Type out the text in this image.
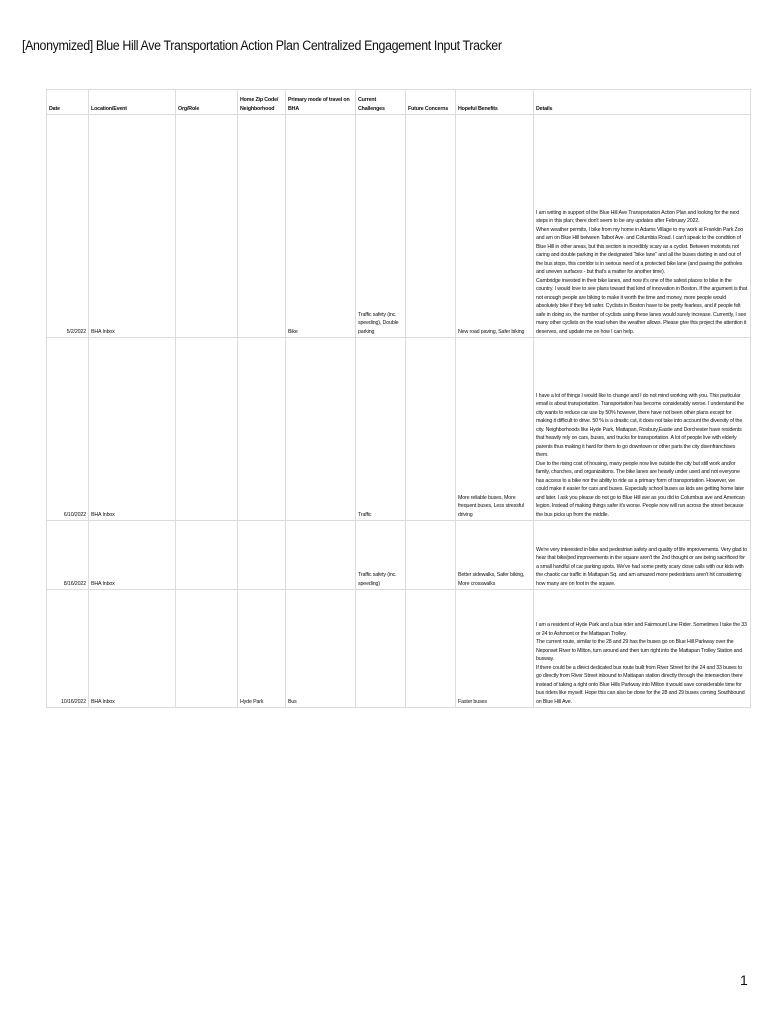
[Anonymized] Blue Hill Ave Transportation Action Plan Centralized Engagement Input Tracker
Date	Location/Event	Org/Role	Home Zip Code/ Neighborhood	Primary mode of travel on BHA	Current Challenges	Future Concerns	Hopeful Benefits	Details
5/2/2022	BHA Inbox			Bike	Traffic safety (inc. speeding), Double parking		New road paving, Safer biking	I am writing in support of the Blue Hill Ave Transportation Action Plan and looking for the next steps in this plan; there don't seem to be any updates after February 2022.
When weather permits, I bike from my home in Adams Village to my work at Franklin Park Zoo and am on Blue Hill between Talbot Ave. and Columbia Road. I can't speak to the condition of Blue Hill in other areas, but this section is incredibly scary as a cyclist. Between motorists not caring and double parking in the designated "bike lane" and all the buses darting in and out of the bus stops, this corridor is in serious need of a protected bike lane (and paving the potholes and uneven surfaces - but that's a matter for another time).
Cambridge invested in their bike lanes, and now it's one of the safest places to bike in the country. I would love to see plans toward that kind of innovation in Boston. If the argument is that not enough people are biking to make it worth the time and money, more people would absolutely bike if they felt safer. Cyclists in Boston have to be pretty fearless, and if people felt safe in doing so, the number of cyclists using these lanes would surely increase. Currently, I see many other cyclists on the road when the weather allows. Please give this project the attention it deserves, and update me on how I can help.

6/10/2022	BHA Inbox				Traffic		More reliable buses, More frequent buses, Less stressful driving	I have a lot of things I would like to change and I do not mind working with you. This particular email is about transportation. Transportation has become considerably worse. I understand the city wants to reduce car use by 50% however, there have not been other plans except for making it difficult to drive. 50 % is a drastic cut, it does not take into account the diversity of the city. Neighborhoods like Hyde Park, Mattapan, Roxbury,Eastie and Dorchester have residents that heavily rely on cars, buses, and trucks for transportation. A lot of people live with elderly parents thus making it hard for them to go downtown or other parts the city disenfranchises them.
Due to the rising cost of housing, many people now live outside the city but still work and/or family, churches, and organizations. The bike lanes are heavily under used and not everyone has access to a bike nor the ability to ride as a primary form of transportation. However, we could make it easier for cars and buses. Especially school buses as kids are getting home later and later. I ask you please do not go to Blue Hill ave as you did to Columbus ave and American legion. Instead of making things safer it's worse. People now will run across the street because the bus picks up from the middle.

8/16/2022	BHA Inbox				Traffic safety (inc. speeding)		Better sidewalks, Safer biking, More crosswalks	We're very interested in bike and pedestrian safety and quality of life improvements. Very glad to hear that bike/ped improvements in the square aren't the 2nd thought or are being sacrificed for a small handful of car parking spots. We've had some pretty scary close calls with our kids with the chaotic car traffic in Mattapan Sq. and am amazed more pedestrians aren't hit considering how many are on foot in the square.

10/16/2022	BHA Inbox		Hyde Park	Bus			Faster buses	I am a resident of Hyde Park and a bus rider and Fairmount Line Rider. Sometimes I take the 33 or 24 to Ashmont or the Mattapan Trolley.
The current route, similar to the 28 and 29 has the buses go on Blue Hill Parkway over the Neponset River to Milton, turn around and then turn right into the Mattapan Trolley Station and busway.
If there could be a direct dedicated bus route built from River Street for the 24 and 33 buses to go directly from River Street inbound to Mattapan station directly through the intersection there instead of taking a right onto Blue Hills Parkway into Milton it would save considerable time for bus riders like myself. Hope this can also be done for the 28 and 29 buses coming Southbound on Blue Hill Ave.
1
